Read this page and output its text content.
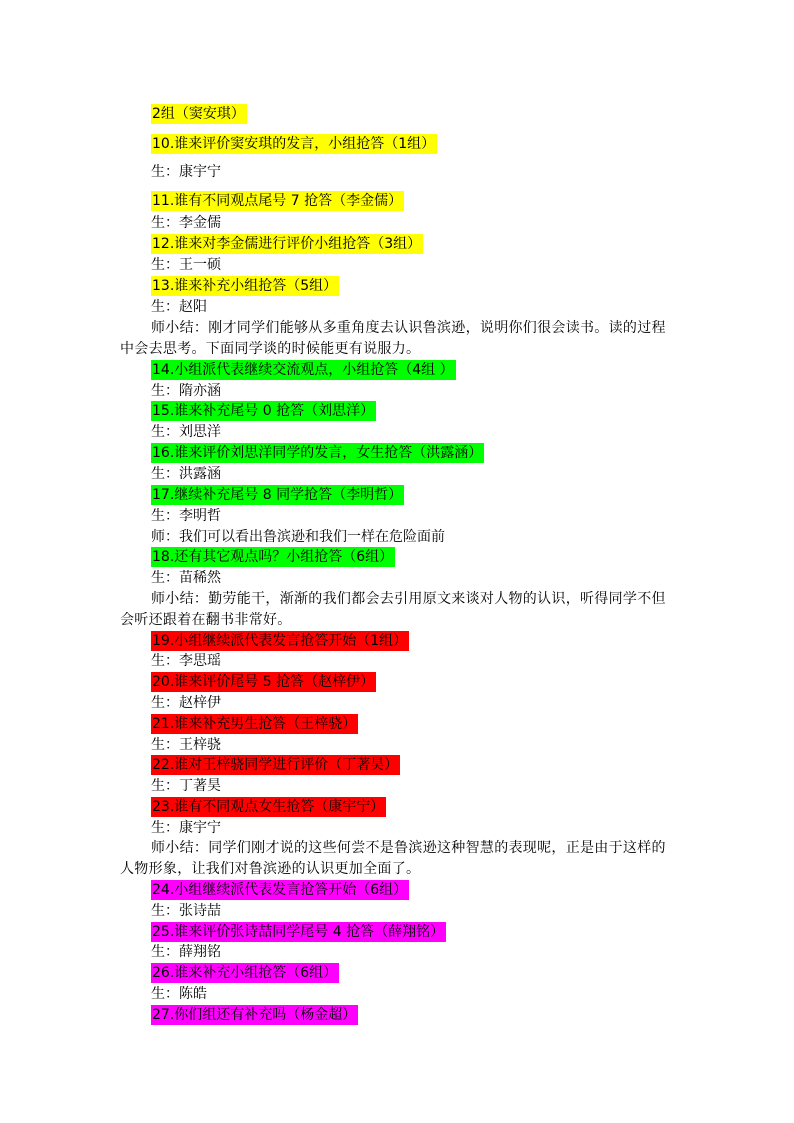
2组（窦安琪）
10.谁来评价窦安琪的发言，小组抢答（1组）
生：康宇宁
11.谁有不同观点尾号 7 抢答（李金儒）
生：李金儒
12.谁来对李金儒进行评价小组抢答（3组）
生：王一硕
13.谁来补充小组抢答（5组）
生：赵阳
师小结：刚才同学们能够从多重角度去认识鲁滨逊，说明你们很会读书。读的过程中会去思考。下面同学谈的时候能更有说服力。
14.小组派代表继续交流观点，小组抢答（4组 ）
生：隋亦涵
15.谁来补充尾号 0 抢答（刘思洋）
生：刘思洋
16.谁来评价刘思洋同学的发言，女生抢答（洪露涵）
生：洪露涵
17.继续补充尾号 8 同学抢答（李明哲）
生：李明哲
师：我们可以看出鲁滨逊和我们一样在危险面前
18.还有其它观点吗？小组抢答（6组）
生：苗稀然
师小结：勤劳能干，渐渐的我们都会去引用原文来谈对人物的认识，听得同学不但会听还跟着在翻书非常好。
19.小组继续派代表发言抢答开始（1组）
生：李思瑶
20.谁来评价尾号 5 抢答（赵梓伊）
生：赵梓伊
21.谁来补充男生抢答（王梓骁）
生：王梓骁
22.谁对王梓骁同学进行评价（丁著昊）
生：丁著昊
23.谁有不同观点女生抢答（康宇宁）
生：康宇宁
师小结：同学们刚才说的这些何尝不是鲁滨逊这种智慧的表现呢，正是由于这样的人物形象，让我们对鲁滨逊的认识更加全面了。
24.小组继续派代表发言抢答开始（6组）
生：张诗喆
25.谁来评价张诗喆同学尾号 4 抢答（薛翔铭）
生：薛翔铭
26.谁来补充小组抢答（6组）
生：陈皓
27.你们组还有补充吗（杨金超）
